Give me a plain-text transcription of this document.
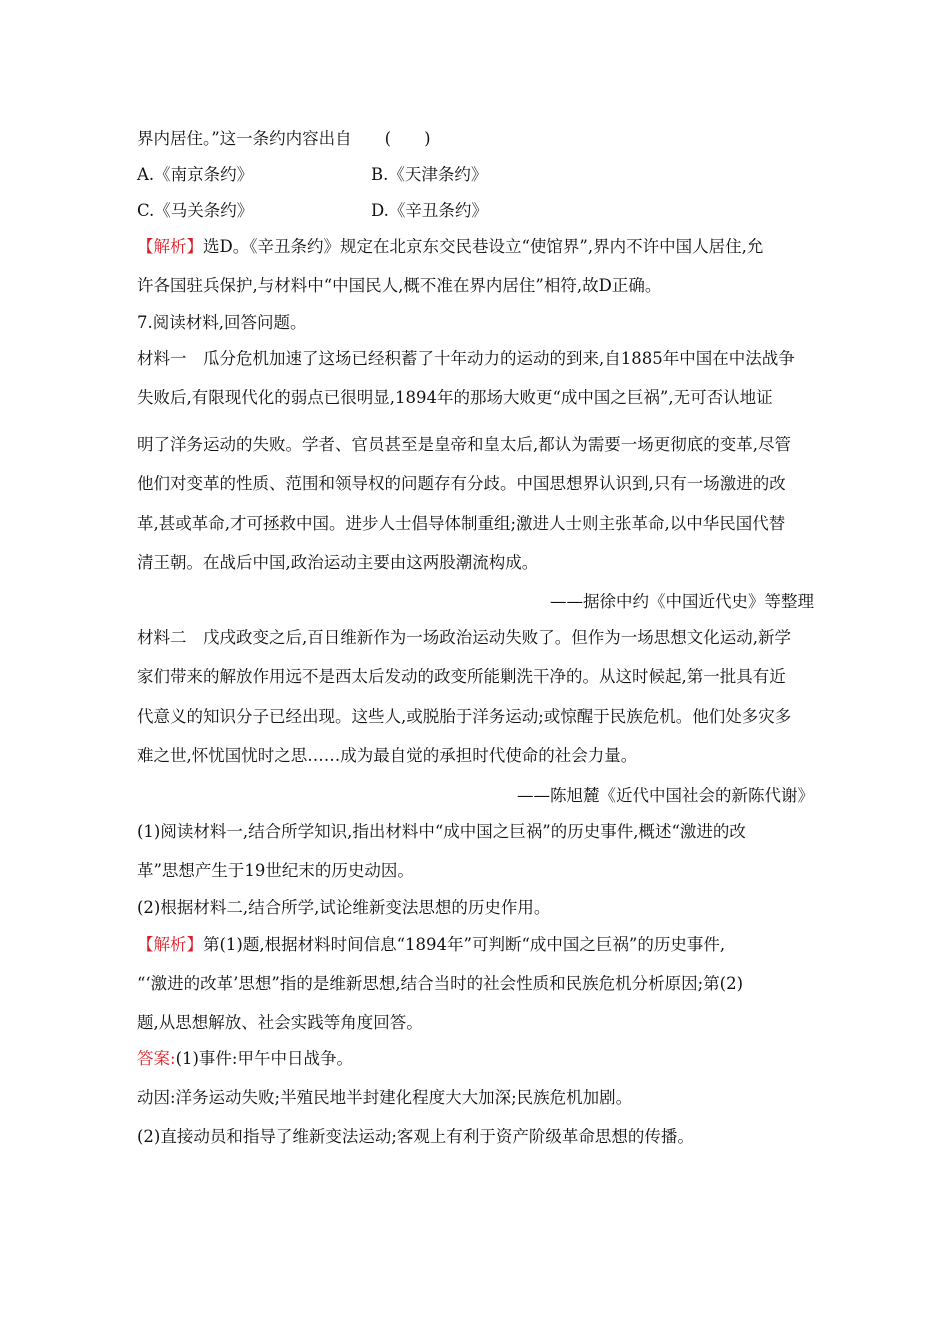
界内居住。”这一条约内容出自　　(　　)
A.《南京条约》	B.《天津条约》
C.《马关条约》	D.《辛丑条约》
【解析】选D。《辛丑条约》规定在北京东交民巷设立“使馆界”,界内不许中国人居住,允
许各国驻兵保护,与材料中“中国民人,概不准在界内居住”相符,故D正确。
7.阅读材料,回答问题。
材料一　瓜分危机加速了这场已经积蓄了十年动力的运动的到来,自1885年中国在中法战争
失败后,有限现代化的弱点已很明显,1894年的那场大败更“成中国之巨祸”,无可否认地证
明了洋务运动的失败。学者、官员甚至是皇帝和皇太后,都认为需要一场更彻底的变革,尽管
他们对变革的性质、范围和领导权的问题存有分歧。中国思想界认识到,只有一场激进的改
革,甚或革命,才可拯救中国。进步人士倡导体制重组;激进人士则主张革命,以中华民国代替
清王朝。在战后中国,政治运动主要由这两股潮流构成。
——据徐中约《中国近代史》等整理
材料二　戊戌政变之后,百日维新作为一场政治运动失败了。但作为一场思想文化运动,新学
家们带来的解放作用远不是西太后发动的政变所能剿洗干净的。从这时候起,第一批具有近
代意义的知识分子已经出现。这些人,或脱胎于洋务运动;或惊醒于民族危机。他们处多灾多
难之世,怀忧国忧时之思……成为最自觉的承担时代使命的社会力量。
——陈旭麓《近代中国社会的新陈代谢》
(1)阅读材料一,结合所学知识,指出材料中“成中国之巨祸”的历史事件,概述“激进的改
革”思想产生于19世纪末的历史动因。
(2)根据材料二,结合所学,试论维新变法思想的历史作用。
【解析】第(1)题,根据材料时间信息“1894年”可判断“成中国之巨祸”的历史事件,
“‘激进的改革’思想”指的是维新思想,结合当时的社会性质和民族危机分析原因;第(2)
题,从思想解放、社会实践等角度回答。
答案:(1)事件:甲午中日战争。
动因:洋务运动失败;半殖民地半封建化程度大大加深;民族危机加剧。
(2)直接动员和指导了维新变法运动;客观上有利于资产阶级革命思想的传播。
